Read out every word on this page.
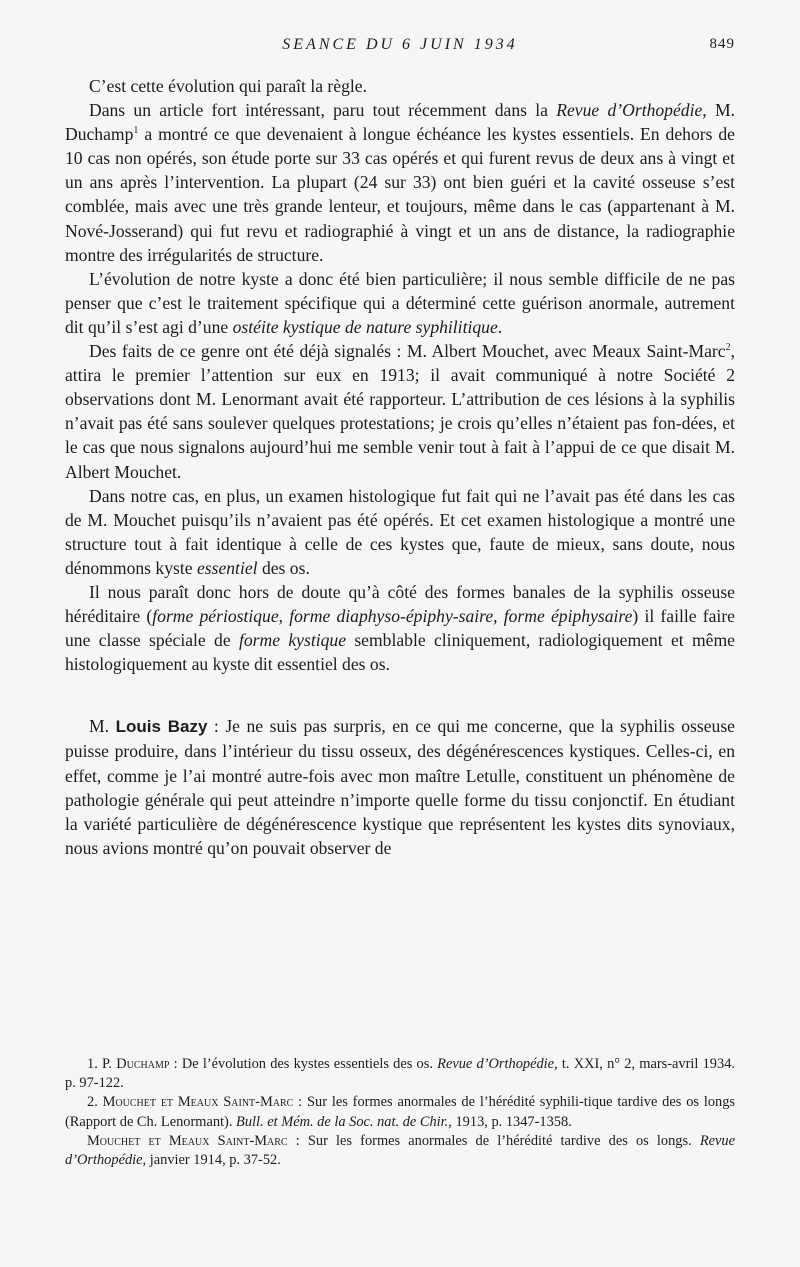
SEANCE DU 6 JUIN 1934	849

C’est cette évolution qui paraît la règle.

Dans un article fort intéressant, paru tout récemment dans la Revue d’Orthopédie, M. Duchamp$^1$ a montré ce que devenaient à longue échéance les kystes essentiels. En dehors de 10 cas non opérés, son étude porte sur 33 cas opérés et qui furent revus de deux ans à vingt et un ans après l’intervention. La plupart (24 sur 33) ont bien guéri et la cavité osseuse s’est comblée, mais avec une très grande lenteur, et toujours, même dans le cas (appartenant à M. Nové-Josserand) qui fut revu et radiographié à vingt et un ans de distance, la radiographie montre des irrégularités de structure.

L’évolution de notre kyste a donc été bien particulière; il nous semble difficile de ne pas penser que c’est le traitement spécifique qui a déterminé cette guérison anormale, autrement dit qu’il s’est agi d’une ostéite kystique de nature syphilitique.

Des faits de ce genre ont été déjà signalés : M. Albert Mouchet, avec Meaux Saint-Marc$^2$, attira le premier l’attention sur eux en 1913; il avait communiqué à notre Société 2 observations dont M. Lenormant avait été rapporteur. L’attribution de ces lésions à la syphilis n’avait pas été sans soulever quelques protestations; je crois qu’elles n’étaient pas fon-dées, et le cas que nous signalons aujourd’hui me semble venir tout à fait à l’appui de ce que disait M. Albert Mouchet.

Dans notre cas, en plus, un examen histologique fut fait qui ne l’avait pas été dans les cas de M. Mouchet puisqu’ils n’avaient pas été opérés. Et cet examen histologique a montré une structure tout à fait identique à celle de ces kystes que, faute de mieux, sans doute, nous dénommons kyste essentiel des os.

Il nous paraît donc hors de doute qu’à côté des formes banales de la syphilis osseuse héréditaire (forme périostique, forme diaphyso-épiphy-saire, forme épiphysaire) il faille faire une classe spéciale de forme kystique semblable cliniquement, radiologiquement et même histologiquement au kyste dit essentiel des os.

M. Louis Bazy : Je ne suis pas surpris, en ce qui me concerne, que la syphilis osseuse puisse produire, dans l’intérieur du tissu osseux, des dégénérescences kystiques. Celles-ci, en effet, comme je l’ai montré autre-fois avec mon maître Letulle, constituent un phénomène de pathologie générale qui peut atteindre n’importe quelle forme du tissu conjonctif. En étudiant la variété particulière de dégénérescence kystique que représentent les kystes dits synoviaux, nous avions montré qu’on pouvait observer de

1. P. Duchamp : De l’évolution des kystes essentiels des os. Revue d’Orthopédie, t. XXI, n° 2, mars-avril 1934. p. 97-122.

2. Mouchet et Meaux Saint-Marc : Sur les formes anormales de l’hérédité syphili-tique tardive des os longs (Rapport de Ch. Lenormant). Bull. et Mém. de la Soc. nat. de Chir., 1913, p. 1347-1358.

Mouchet et Meaux Saint-Marc : Sur les formes anormales de l’hérédité tardive des os longs. Revue d’Orthopédie, janvier 1914, p. 37-52.
